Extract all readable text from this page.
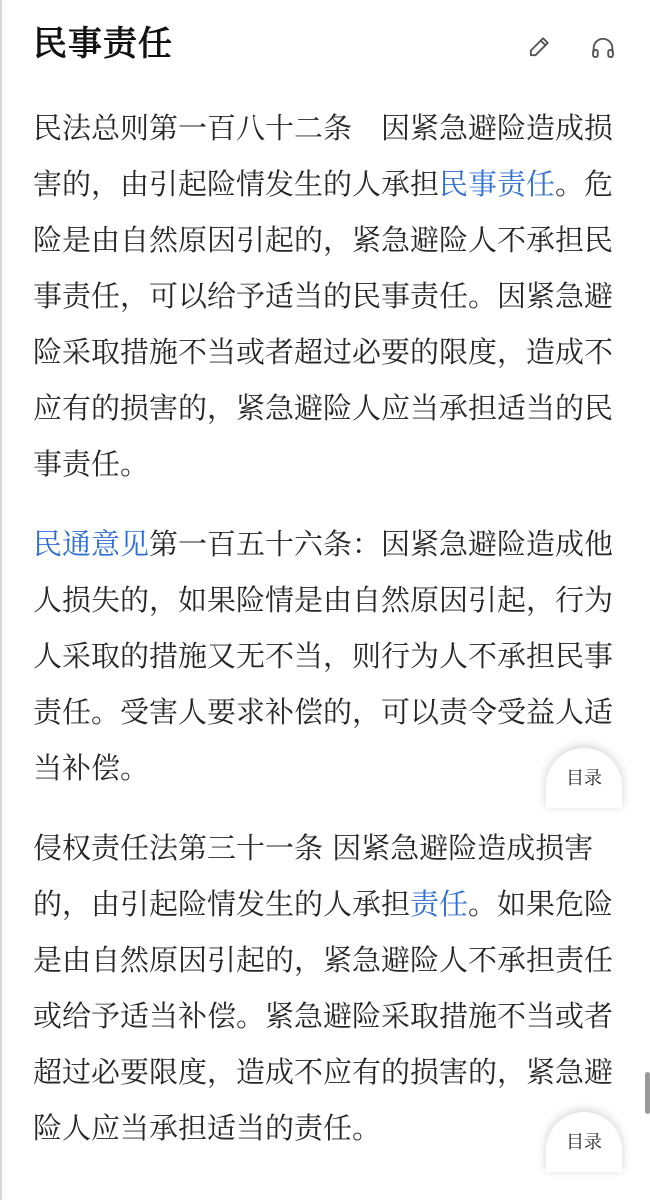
民事责任

民法总则第一百八十二条　因紧急避险造成损害的，由引起险情发生的人承担民事责任。危险是由自然原因引起的，紧急避险人不承担民事责任，可以给予适当的民事责任。因紧急避险采取措施不当或者超过必要的限度，造成不应有的损害的，紧急避险人应当承担适当的民事责任。

民通意见第一百五十六条：因紧急避险造成他人损失的，如果险情是由自然原因引起，行为人采取的措施又无不当，则行为人不承担民事责任。受害人要求补偿的，可以责令受益人适当补偿。

侵权责任法第三十一条 因紧急避险造成损害的，由引起险情发生的人承担责任。如果危险是由自然原因引起的，紧急避险人不承担责任或给予适当补偿。紧急避险采取措施不当或者超过必要限度，造成不应有的损害的，紧急避险人应当承担适当的责任。

目录
目录
